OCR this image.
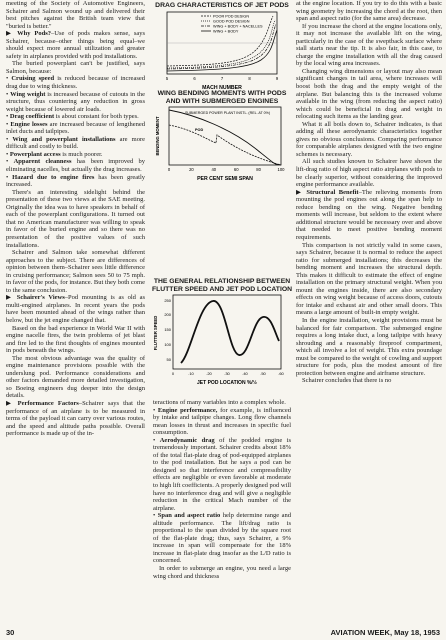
meeting of the Society of Automotive Engineers, Schairer and Salmon wound up and delivered their best pitches against the British team view that "buried is better."

▶ Why Pods?–Use of pods makes sense, says Schairer, because–other things being equal–we should expect more annual utilization and greater safety in airplanes provided with pod installations.

The buried powerplant can't be justified, says Salmon, because:

• Cruising speed is reduced because of increased drag due to wing thickness.

• Wing weight is increased because of cutouts in the structure, thus countering any reduction in gross weight because of lowered air loads.

• Drag coefficient is about constant for both types.

• Engine losses are increased because of lengthened inlet ducts and tailpipes.

• Wing and powerplant installations are more difficult and costly to build.

• Powerplant access is much poorer.

• Apparent cleanness has been improved by eliminating nacelles, but actually the drag increases.

• Hazard due to engine fires has been greatly increased.

There's an interesting sidelight behind the presentation of these two views at the SAE meeting. Originally the idea was to have speakers in behalf of each of the powerplant configurations. It turned out that no American manufacturer was willing to speak in favor of the buried engine and so there was no presentation of the positive values of such installations.

Schairer and Salmon take somewhat different approaches to the subject. There are differences of opinion between them–Schairer sees little difference in cruising performance; Salmon sees 50 to 75 mph. in favor of the pods, for instance. But they both come to the same conclusion.

▶ Schairer's Views–Pod mounting is as old as multi-engined airplanes. In recent years the pods have been mounted ahead of the wings rather than below, but the jet engine changed that.

Based on the bad experience in World War II with engine nacelle fires, the twin problems of jet blast and fire led to the first thoughts of engines mounted in pods beneath the wings.

The most obvious advantage was the quality of engine maintenance provisions possible with the underslung pod. Performance considerations and other factors demanded more detailed investigation, so Boeing engineers dug deeper into the design details.

▶ Performance Factors–Schairer says that the performance of an airplane is to be measured in terms of the payload it can carry over various routes, and the speed and altitude paths possible. Overall performance is made up of the in-

DRAG CHARACTERISTICS OF JET PODS
POOR POD DESIGN
GOOD POD DESIGN
WING + BODY + NACELLES
WING + BODY
5	6	7	8	9
MACH NUMBER
WING BENDING MOMENTS WITH PODS AND WITH SUBMERGED ENGINES
BENDING MOMENT
SUBMERGED POWER PLANT INSTL. (REL. AT 0%)
POD
0	20	40	60	80	100
PER CENT SEMI SPAN
THE GENERAL RELATIONSHIP BETWEEN FLUTTER SPEED AND JET POD LOCATION
FLUTTER SPEED
250
200
150
100
50
0	.10	.20	.30	.40	.50	.60
JET POD LOCATION %/½

teractions of many variables into a complex whole.

• Engine performance, for example, is influenced by intake and tailpipe changes. Long flow channels mean losses in thrust and increases in specific fuel consumption.

• Aerodynamic drag of the podded engine is tremendously important. Schairer credits about 18% of the total flat-plate drag of pod-equipped airplanes to the pod installation. But he says a pod can be designed so that interference and compressibility effects are negligible or even favorable at moderate to high lift coefficients. A properly designed pod will have no interference drag and will give a negligible reduction in the critical Mach number of the airplane.

• Span and aspect ratio help determine range and altitude performance. The lift/drag ratio is proportional to the span divided by the square root of the flat-plate drag; thus, says Schairer, a 9% increase in span will compensate for the 18% increase in flat-plate drag insofar as the L/D ratio is concerned.

In order to submerge an engine, you need a large wing chord and thickness

at the engine location. If you try to do this with a basic wing geometry by increasing the chord at the root, then span and aspect ratio (for the same area) decrease.

If you increase the chord at the engine locations only, it may not increase the available lift on the wing, particularly in the case of the sweptback surface where stall starts near the tip. It is also fair, in this case, to charge the engine installation with all the drag caused by the local wing area increases.

Changing wing dimensions or layout may also mean significant changes in tail area, where increases will boost both the drag and the empty weight of the airplane. But balancing this is the increased volume available in the wing (from reducing the aspect ratio) which could be beneficial in drag and weight in relocating such items as the landing gear.

What it all boils down to, Schairer indicates, is that adding all these aerodynamic characteristics together gives no obvious conclusions. Comparing performance for comparable airplanes designed with the two engine schemes is necessary.

All such studies known to Schairer have shown the lift-drag ratio of high aspect ratio airplanes with pods to be clearly superior, without considering the improved engine performance available.

▶ Structural Benefit–The relieving moments from mounting the pod engines out along the span help to reduce bending on the wing. Negative bending moments will increase, but seldom to the extent where additional structure would be necessary over and above that needed to meet positive bending moment requirements.

This comparison is not strictly valid in some cases, says Schairer, because it is normal to reduce the aspect ratio for submerged installations; this decreases the bending moment and increases the structural depth. This makes it difficult to estimate the effect of engine installation on the primary structural weight. When you mount the engines inside, there are also secondary effects on wing weight because of access doors, cutouts for intake and exhaust air and other small doors. This means a large amount of built-in empty weight.

In the engine installation, weight provisions must be balanced for fair comparison. The submerged engine requires a long intake duct, a long tailpipe with heavy shrouding and a reasonably fireproof compartment, which all involve a lot of weight. This extra poundage must be compared to the weight of cowling and support structure for pods, plus the modest amount of fire protection between engine and airframe structure.

Schairer concludes that there is no

30	AVIATION WEEK, May 18, 1953
